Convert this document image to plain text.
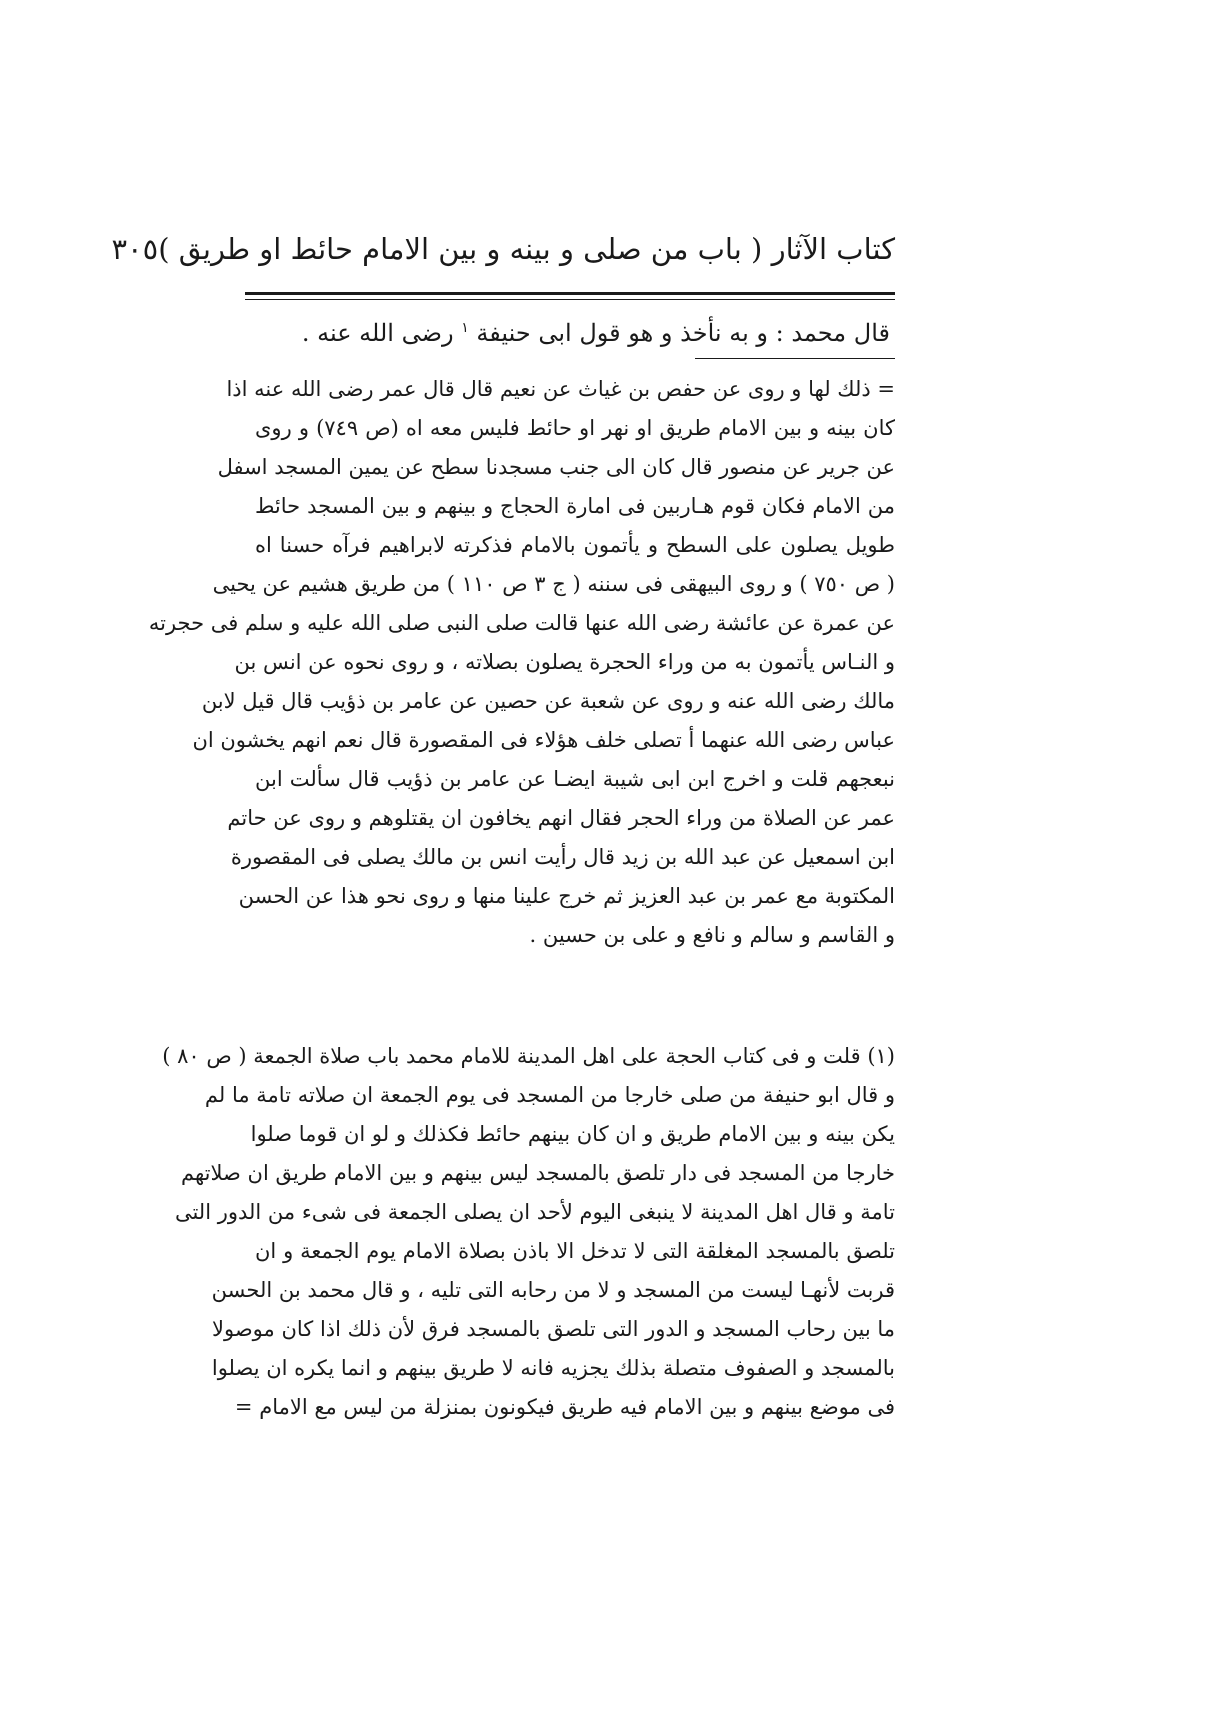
كتاب الآثار ( باب من صلى و بينه و بين الامام حائط او طريق )
٣٠٥
قال محمد : و به نأخذ و هو قول ابی حنيفة $^١$ رضى الله عنه .
= ذلك لها و روى عن حفص بن غياث عن نعيم قال قال عمر رضى الله عنه اذا
كان بينه و بين الامام طريق او نهر او حائط فليس معه اه (ص ٧٤٩) و روى
عن جرير عن منصور قال كان الى جنب مسجدنا سطح عن يمين المسجد اسفل
من الامام فكان قوم هـاربين فى امارة الحجاج و بينهم و بين المسجد حائط
طويل يصلون على السطح و يأتمون بالامام فذكرته لابراهيم فرآه حسنا اه
( ص ٧٥٠ ) و روى البيهقى فى سننه ( ج ٣ ص ١١٠ ) من طريق هشيم عن يحيى
عن عمرة عن عائشة رضى الله عنها قالت صلى النبى صلى الله عليه و سلم فى حجرته
و النـاس يأتمون به من وراء الحجرة يصلون بصلاته ، و روى نحوه عن انس بن
مالك رضى الله عنه و روى عن شعبة عن حصين عن عامر بن ذؤيب قال قيل لابن
عباس رضى الله عنهما أ تصلى خلف هؤلاء فى المقصورة قال نعم انهم يخشون ان
نبعجهم قلت و اخرج ابن ابى شيبة ايضـا عن عامر بن ذؤيب قال سألت ابن
عمر عن الصلاة من وراء الحجر فقال انهم يخافون ان يقتلوهم و روى عن حاتم
ابن اسمعيل عن عبد الله بن زيد قال رأيت انس بن مالك يصلى فى المقصورة
المكتوبة مع عمر بن عبد العزيز ثم خرج علينا منها و روى نحو هذا عن الحسن
و القاسم و سالم و نافع و على بن حسين .
(١) قلت و فى كتاب الحجة على اهل المدينة للامام محمد باب صلاة الجمعة ( ص ٨٠ )
و قال ابو حنيفة من صلى خارجا من المسجد فى يوم الجمعة ان صلاته تامة ما لم
يكن بينه و بين الامام طريق و ان كان بينهم حائط فكذلك و لو ان قوما صلوا
خارجا من المسجد فى دار تلصق بالمسجد ليس بينهم و بين الامام طريق ان صلاتهم
تامة و قال اهل المدينة لا ينبغى اليوم لأحد ان يصلى الجمعة فى شىء من الدور التى
تلصق بالمسجد المغلقة التى لا تدخل الا باذن بصلاة الامام يوم الجمعة و ان
قربت لأنهـا ليست من المسجد و لا من رحابه التى تليه ، و قال محمد بن الحسن
ما بين رحاب المسجد و الدور التى تلصق بالمسجد فرق لأن ذلك اذا كان موصولا
بالمسجد و الصفوف متصلة بذلك يجزيه فانه لا طريق بينهم و انما يكره ان يصلوا
فى موضع بينهم و بين الامام فيه طريق فيكونون بمنزلة من ليس مع الامام =
